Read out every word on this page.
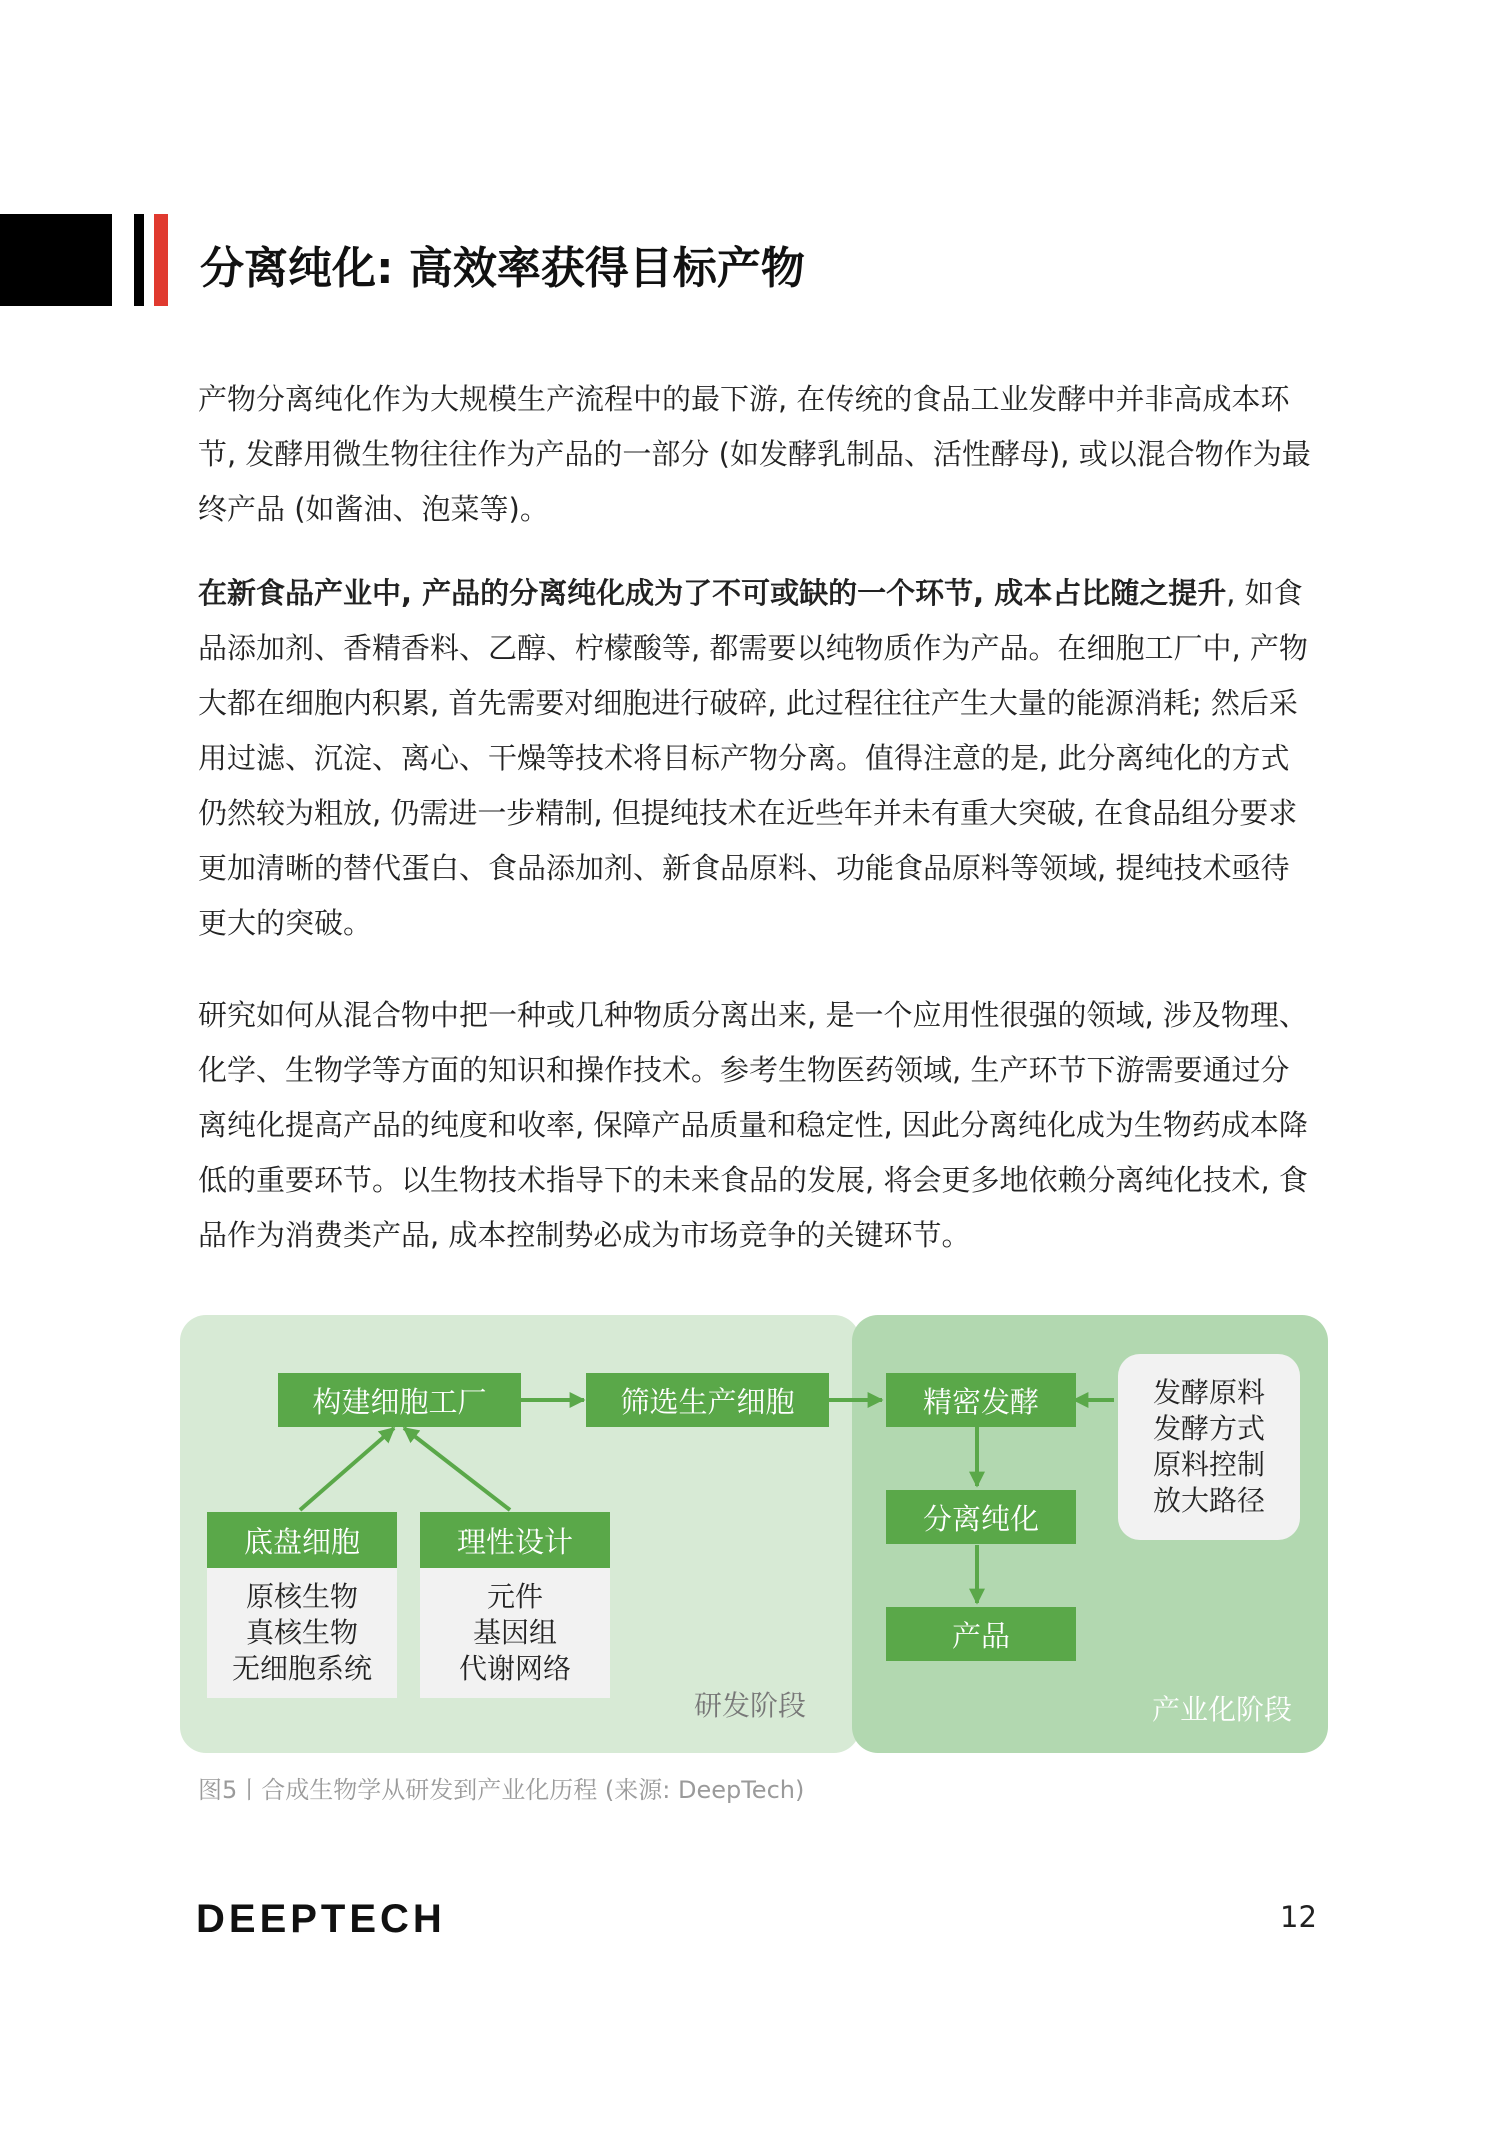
分离纯化: 高效率获得目标产物

产物分离纯化作为大规模生产流程中的最下游, 在传统的食品工业发酵中并非高成本环节, 发酵用微生物往往作为产品的一部分 (如发酵乳制品、活性酵母), 或以混合物作为最终产品 (如酱油、泡菜等)。

在新食品产业中, 产品的分离纯化成为了不可或缺的一个环节, 成本占比随之提升, 如食品添加剂、香精香料、乙醇、柠檬酸等, 都需要以纯物质作为产品。在细胞工厂中, 产物大都在细胞内积累, 首先需要对细胞进行破碎, 此过程往往产生大量的能源消耗; 然后采用过滤、沉淀、离心、干燥等技术将目标产物分离。值得注意的是, 此分离纯化的方式仍然较为粗放, 仍需进一步精制, 但提纯技术在近些年并未有重大突破, 在食品组分要求更加清晰的替代蛋白、食品添加剂、新食品原料、功能食品原料等领域, 提纯技术亟待更大的突破。

研究如何从混合物中把一种或几种物质分离出来, 是一个应用性很强的领域, 涉及物理、化学、生物学等方面的知识和操作技术。参考生物医药领域, 生产环节下游需要通过分离纯化提高产品的纯度和收率, 保障产品质量和稳定性, 因此分离纯化成为生物药成本降低的重要环节。以生物技术指导下的未来食品的发展, 将会更多地依赖分离纯化技术, 食品作为消费类产品, 成本控制势必成为市场竞争的关键环节。

构建细胞工厂	筛选生产细胞
底盘细胞
原核生物
真核生物
无细胞系统
理性设计
元件
基因组
代谢网络
精密发酵
分离纯化
产品
发酵原料
发酵方式
原料控制
放大路径
研发阶段	产业化阶段
图5丨合成生物学从研发到产业化历程 (来源: DeepTech)
DEEPTECH	12
